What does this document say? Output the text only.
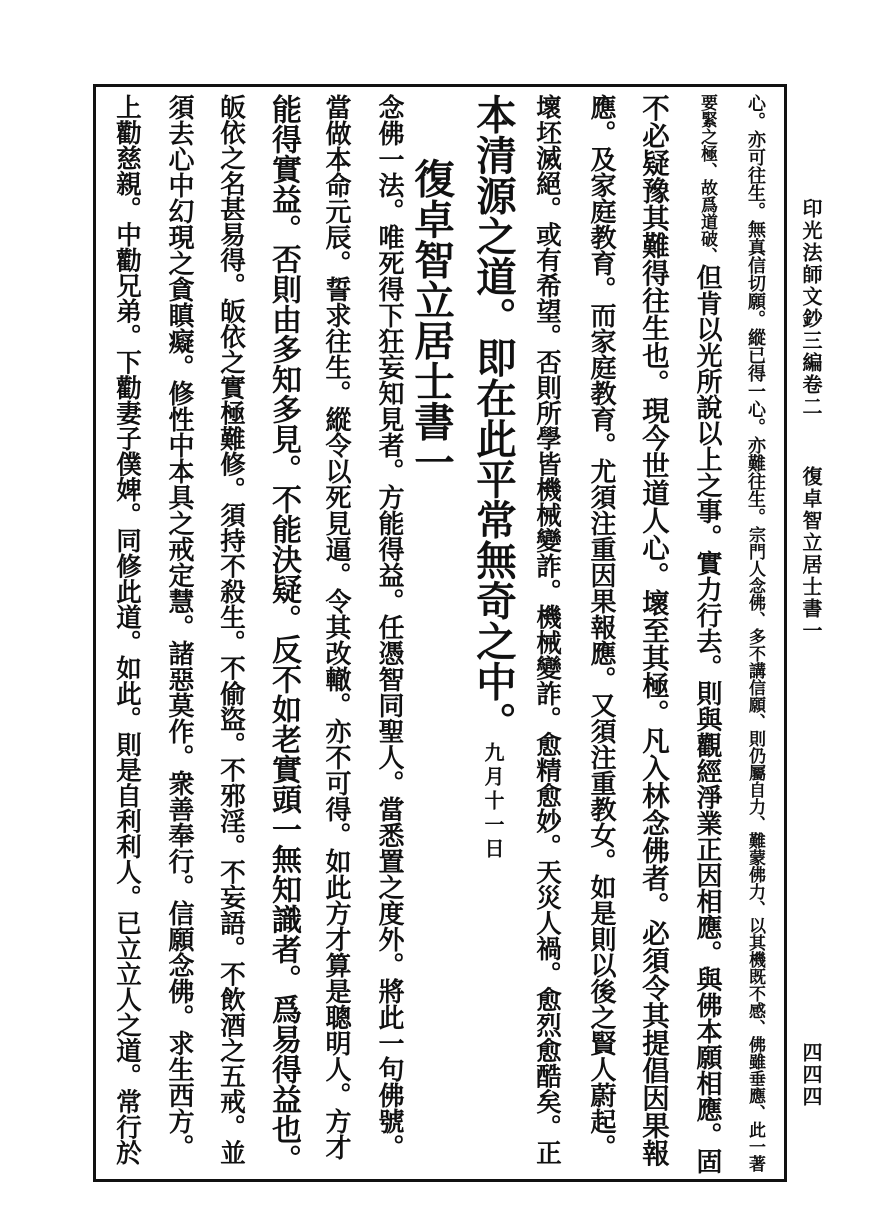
印光法師文鈔三編卷二
復卓智立居士書一
四四四
心。亦可往生。無真信切願。縱已得一心。亦難往生。宗門人念佛、多不講信願、則仍屬自力、難蒙佛力、以其機既不感、佛雖垂應、此一著
要緊之極、故爲道破、但肯以光所說以上之事。實力行去。則與觀經淨業正因相應。與佛本願相應。固
不必疑豫其難得往生也。現今世道人心。壞至其極。凡入林念佛者。必須令其提倡因果報
應。及家庭教育。而家庭教育。尤須注重因果報應。又須注重教女。如是則以後之賢人蔚起。
壞坯滅絕。或有希望。否則所學皆機械變詐。機械變詐。愈精愈妙。天災人禍。愈烈愈酷矣。正
本清源之道。即在此平常無奇之中。九月十一日
復卓智立居士書一
念佛一法。唯死得下狂妄知見者。方能得益。任憑智同聖人。當悉置之度外。將此一句佛號。
當做本命元辰。誓求往生。縱令以死見逼。令其改轍。亦不可得。如此方才算是聰明人。方才
能得實益。否則由多知多見。不能決疑。反不如老實頭一無知識者。爲易得益也。
皈依之名甚易得。皈依之實極難修。須持不殺生。不偷盜。不邪淫。不妄語。不飲酒之五戒。並
須去心中幻現之貪瞋癡。修性中本具之戒定慧。諸惡莫作。衆善奉行。信願念佛。求生西方。
上勸慈親。中勸兄弟。下勸妻子僕婢。同修此道。如此。則是自利利人。已立立人之道。常行於
